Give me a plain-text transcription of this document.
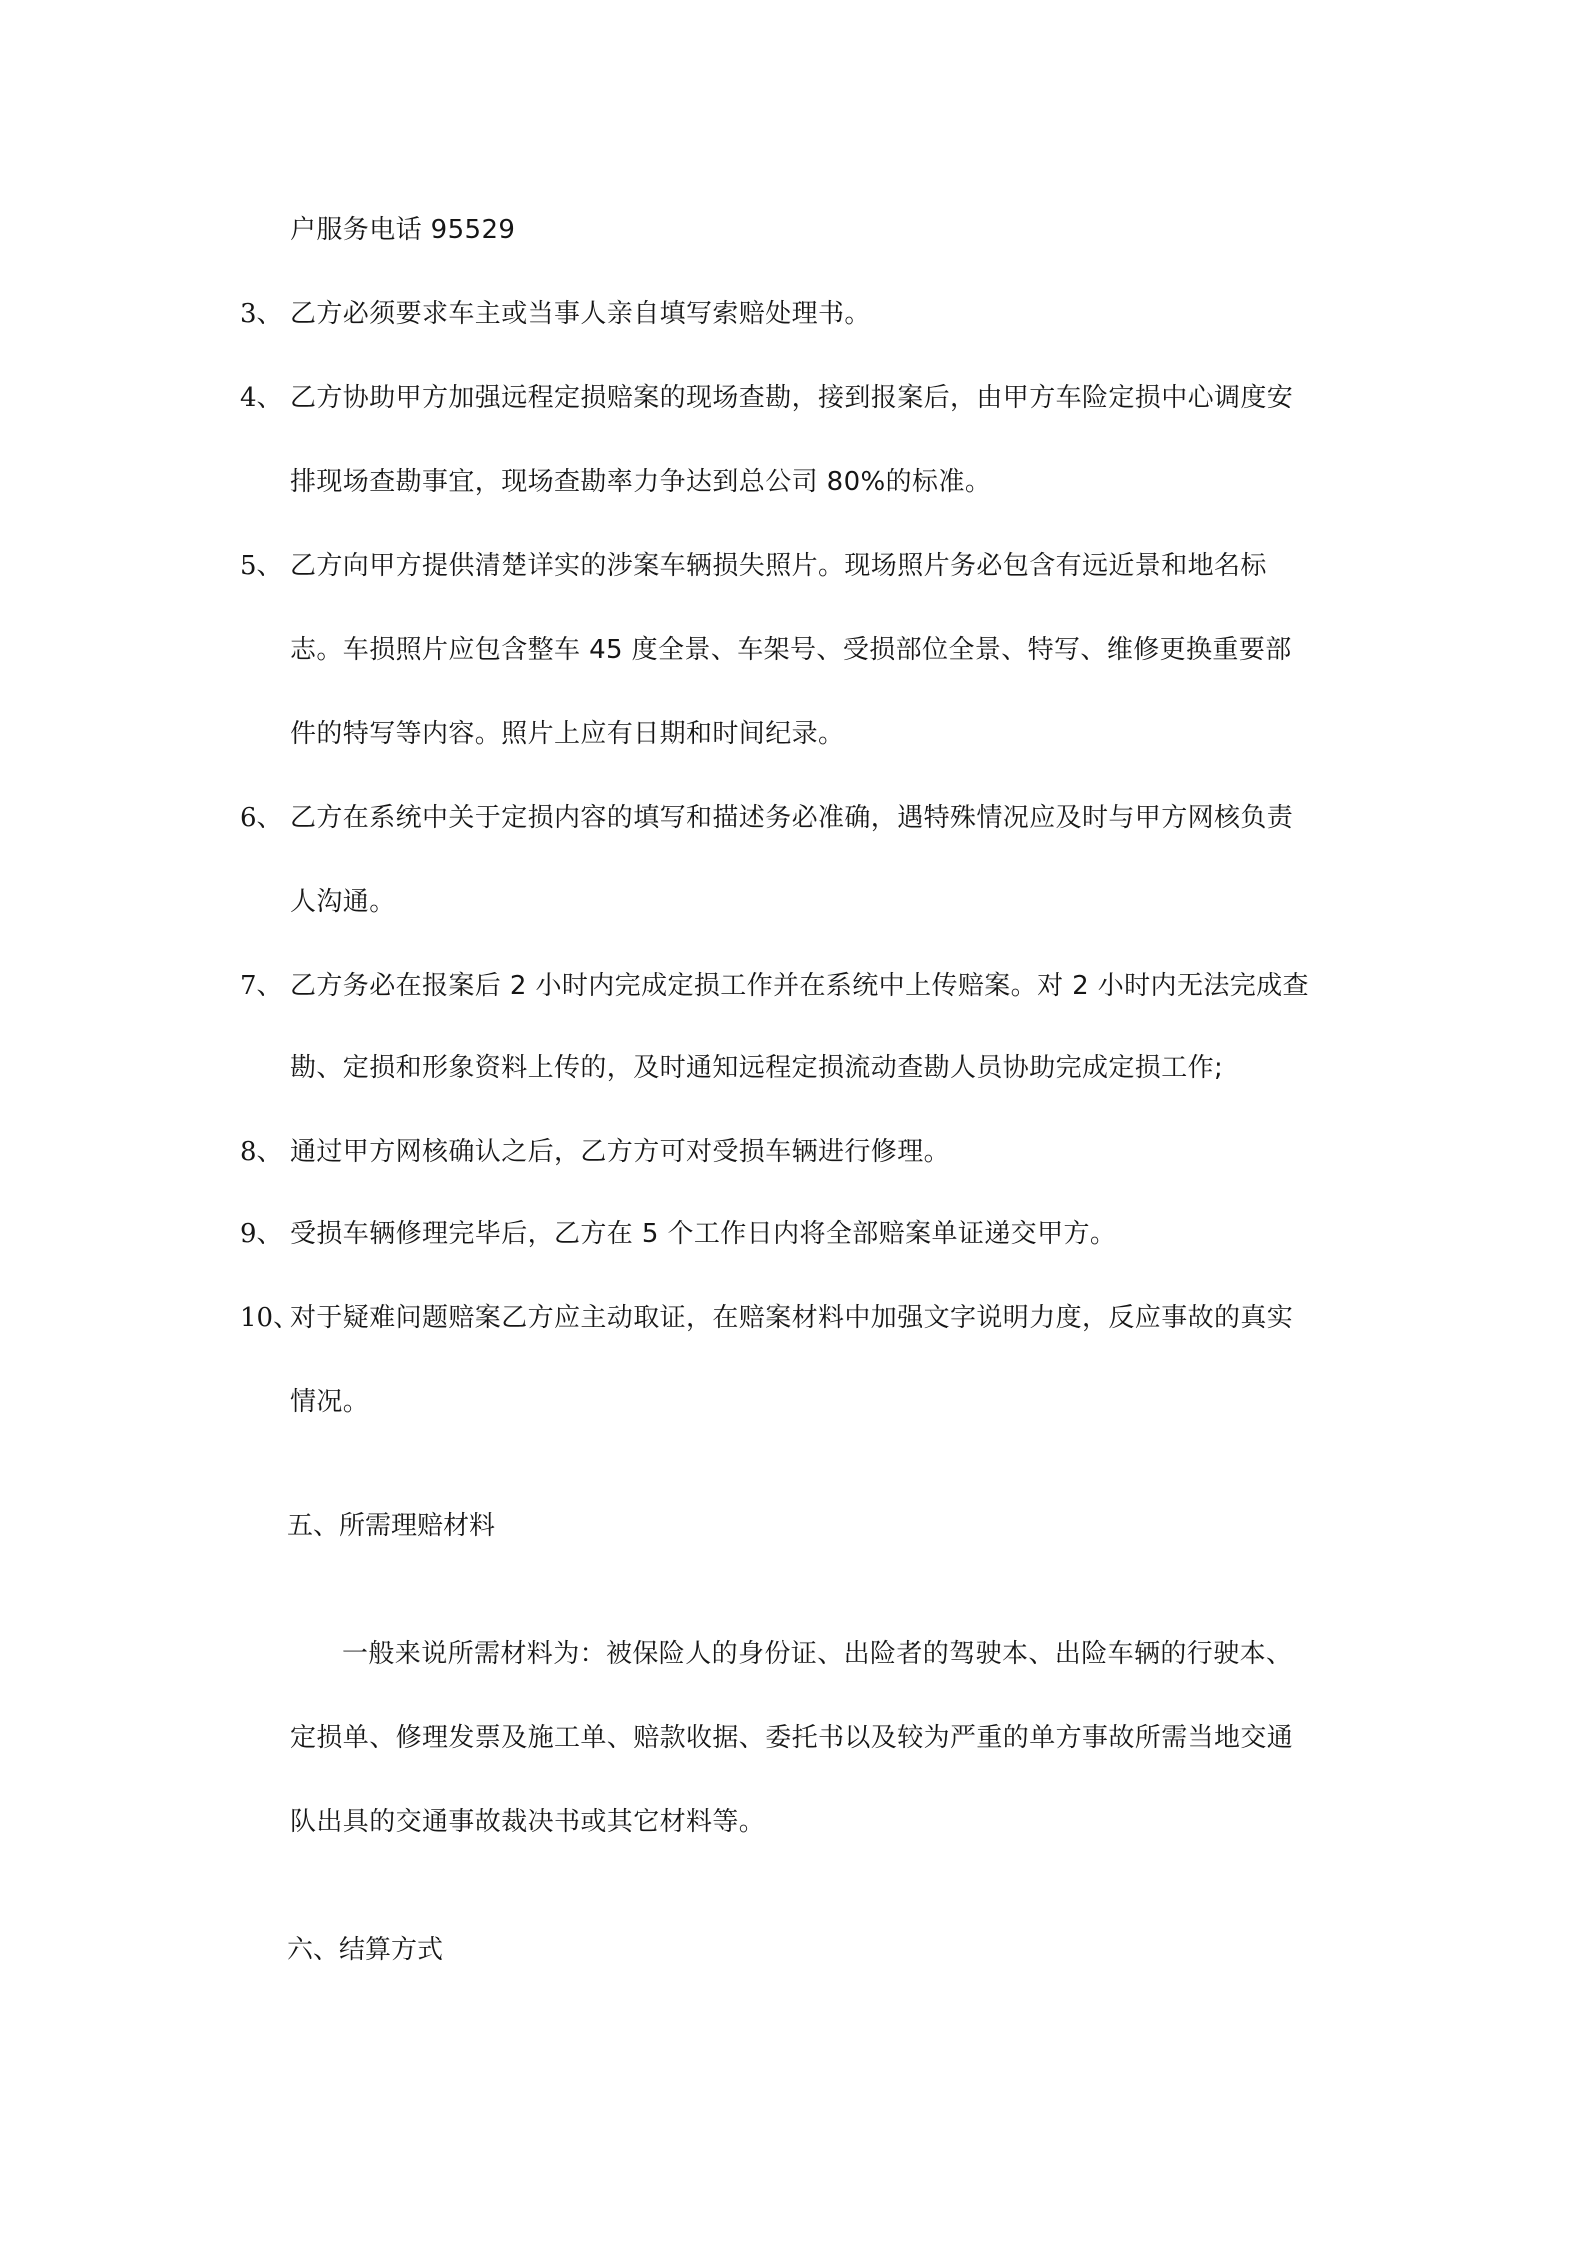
户服务电话 95529
3、 乙方必须要求车主或当事人亲自填写索赔处理书。
4、 乙方协助甲方加强远程定损赔案的现场查勘，接到报案后，由甲方车险定损中心调度安
排现场查勘事宜，现场查勘率力争达到总公司 80%的标准。
5、 乙方向甲方提供清楚详实的涉案车辆损失照片。现场照片务必包含有远近景和地名标
志。车损照片应包含整车 45 度全景、车架号、受损部位全景、特写、维修更换重要部
件的特写等内容。照片上应有日期和时间纪录。
6、 乙方在系统中关于定损内容的填写和描述务必准确，遇特殊情况应及时与甲方网核负责
人沟通。
7、 乙方务必在报案后 2 小时内完成定损工作并在系统中上传赔案。对 2 小时内无法完成查
勘、定损和形象资料上传的，及时通知远程定损流动查勘人员协助完成定损工作;
8、 通过甲方网核确认之后，乙方方可对受损车辆进行修理。
9、 受损车辆修理完毕后，乙方在 5 个工作日内将全部赔案单证递交甲方。
10、
对于疑难问题赔案乙方应主动取证，在赔案材料中加强文字说明力度，反应事故的真实
情况。
五、所需理赔材料
一般来说所需材料为：被保险人的身份证、出险者的驾驶本、出险车辆的行驶本、
定损单、修理发票及施工单、赔款收据、委托书以及较为严重的单方事故所需当地交通
队出具的交通事故裁决书或其它材料等。
六、结算方式
